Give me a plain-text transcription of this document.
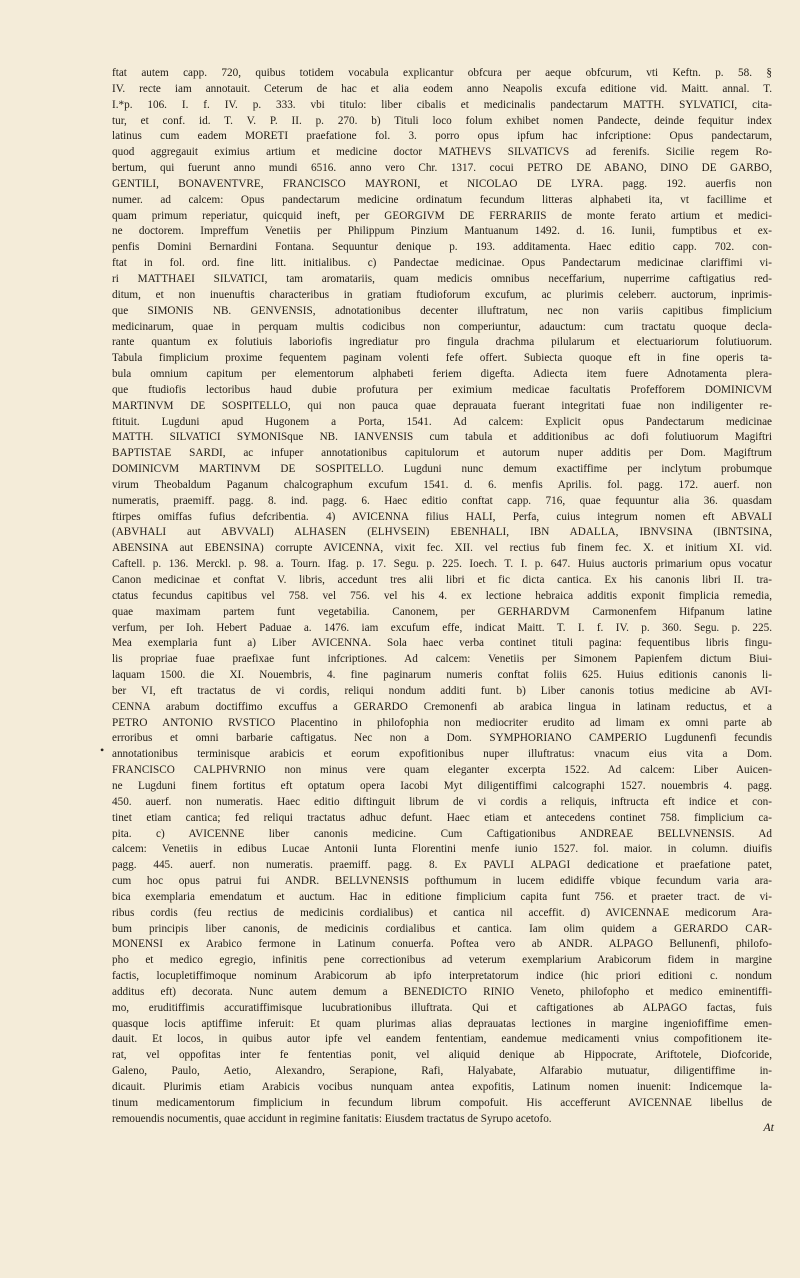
ftat autem capp. 720, quibus totidem vocabula explicantur obfcura per aeque obfcurum, vti Keftn. p. 58. §
IV. recte iam annotauit. Ceterum de hac et alia eodem anno Neapolis excufa editione vid. Maitt. annal. T.
I.*p. 106. I. f. IV. p. 333. vbi titulo: liber cibalis et medicinalis pandectarum MATTH. SYLVATICI, cita-
tur, et conf. id. T. V. P. II. p. 270. b) Tituli loco folum exhibet nomen Pandecte, deinde fequitur index
latinus cum eadem MORETI praefatione fol. 3. porro opus ipfum hac infcriptione: Opus pandectarum,
quod aggregauit eximius artium et medicine doctor MATHEVS SILVATICVS ad ferenifs. Sicilie regem Ro-
bertum, qui fuerunt anno mundi 6516. anno vero Chr. 1317. cocui PETRO DE ABANO, DINO DE GARBO,
GENTILI, BONAVENTVRE, FRANCISCO MAYRONI, et NICOLAO DE LYRA. pagg. 192. auerfis non
numer. ad calcem: Opus pandectarum medicine ordinatum fecundum litteras alphabeti ita, vt facillime et
quam primum reperiatur, quicquid ineft, per GEORGIVM DE FERRARIIS de monte ferato artium et medici-
ne doctorem. Impreffum Venetiis per Philippum Pinzium Mantuanum 1492. d. 16. Iunii, fumptibus et ex-
penfis Domini Bernardini Fontana. Sequuntur denique p. 193. additamenta. Haec editio capp. 702. con-
ftat in fol. ord. fine litt. initialibus. c) Pandectae medicinae. Opus Pandectarum medicinae clariffimi vi-
ri MATTHAEI SILVATICI, tam aromatariis, quam medicis omnibus neceffarium, nuperrime caftigatius red-
ditum, et non inuenuftis characteribus in gratiam ftudioforum excufum, ac plurimis celeberr. auctorum, inprimis-
que SIMONIS NB. GENVENSIS, adnotationibus decenter illuftratum, nec non variis capitibus fimplicium
medicinarum, quae in perquam multis codicibus non comperiuntur, adauctum: cum tractatu quoque decla-
rante quantum ex folutiuis laboriofis ingrediatur pro fingula drachma pilularum et electuariorum folutiuorum.
Tabula fimplicium proxime fequentem paginam volenti fefe offert. Subiecta quoque eft in fine operis ta-
bula omnium capitum per elementorum alphabeti feriem digefta. Adiecta item fuere Adnotamenta plera-
que ftudiofis lectoribus haud dubie profutura per eximium medicae facultatis Profefforem DOMINICVM
MARTINVM DE SOSPITELLO, qui non pauca quae deprauata fuerant integritati fuae non indiligenter re-
ftituit. Lugduni apud Hugonem a Porta, 1541. Ad calcem: Explicit opus Pandectarum medicinae
MATTH. SILVATICI SYMONISque NB. IANVENSIS cum tabula et additionibus ac dofi folutiuorum Magiftri
BAPTISTAE SARDI, ac infuper annotationibus capitulorum et autorum nuper additis per Dom. Magiftrum
DOMINICVM MARTINVM DE SOSPITELLO. Lugduni nunc demum exactiffime per inclytum probumque
virum Theobaldum Paganum chalcographum excufum 1541. d. 6. menfis Aprilis. fol. pagg. 172. auerf. non
numeratis, praemiff. pagg. 8. ind. pagg. 6. Haec editio conftat capp. 716, quae fequuntur alia 36. quasdam
ftirpes omiffas fufius defcribentia. 4) AVICENNA filius HALI, Perfa, cuius integrum nomen eft ABVALI
(ABVHALI aut ABVVALI) ALHASEN (ELHVSEIN) EBENHALI, IBN ADALLA, IBNVSINA (IBNTSINA,
ABENSINA aut EBENSINA) corrupte AVICENNA, vixit fec. XII. vel rectius fub finem fec. X. et initium XI. vid.
Caftell. p. 136. Merckl. p. 98. a. Tourn. Ifag. p. 17. Segu. p. 225. Ioech. T. I. p. 647. Huius auctoris primarium opus vocatur
Canon medicinae et conftat V. libris, accedunt tres alii libri et fic dicta cantica. Ex his canonis libri II. tra-
ctatus fecundus capitibus vel 758. vel 756. vel his 4. ex lectione hebraica additis exponit fimplicia remedia,
quae maximam partem funt vegetabilia. Canonem, per GERHARDVM Carmonenfem Hifpanum latine
verfum, per Ioh. Hebert Paduae a. 1476. iam excufum effe, indicat Maitt. T. I. f. IV. p. 360. Segu. p. 225.
Mea exemplaria funt a) Liber AVICENNA. Sola haec verba continet tituli pagina: fequentibus libris fingu-
lis propriae fuae praefixae funt infcriptiones. Ad calcem: Venetiis per Simonem Papienfem dictum Biui-
laquam 1500. die XI. Nouembris, 4. fine paginarum numeris conftat foliis 625. Huius editionis canonis li-
ber VI, eft tractatus de vi cordis, reliqui nondum additi funt. b) Liber canonis totius medicine ab AVI-
CENNA arabum doctiffimo excuffus a GERARDO Cremonenfi ab arabica lingua in latinam reductus, et a
PETRO ANTONIO RVSTICO Placentino in philofophia non mediocriter erudito ad limam ex omni parte ab
erroribus et omni barbarie caftigatus. Nec non a Dom. SYMPHORIANO CAMPERIO Lugdunenfi fecundis
annotationibus terminisque arabicis et eorum expofitionibus nuper illuftratus: vnacum eius vita a Dom.
FRANCISCO CALPHVRNIO non minus vere quam eleganter excerpta 1522. Ad calcem: Liber Auicen-
ne Lugduni finem fortitus eft optatum opera Iacobi Myt diligentiffimi calcographi 1527. nouembris 4. pagg.
450. auerf. non numeratis. Haec editio diftinguit librum de vi cordis a reliquis, inftructa eft indice et con-
tinet etiam cantica; fed reliqui tractatus adhuc defunt. Haec etiam et antecedens continet 758. fimplicium ca-
pita. c) AVICENNE liber canonis medicine. Cum Caftigationibus ANDREAE BELLVNENSIS. Ad
calcem: Venetiis in edibus Lucae Antonii Iunta Florentini menfe iunio 1527. fol. maior. in column. diuifis
pagg. 445. auerf. non numeratis. praemiff. pagg. 8. Ex PAVLI ALPAGI dedicatione et praefatione patet,
cum hoc opus patrui fui ANDR. BELLVNENSIS pofthumum in lucem edidiffe vbique fecundum varia ara-
bica exemplaria emendatum et auctum. Hac in editione fimplicium capita funt 756. et praeter tract. de vi-
ribus cordis (feu rectius de medicinis cordialibus) et cantica nil acceffit. d) AVICENNAE medicorum Ara-
bum principis liber canonis, de medicinis cordialibus et cantica. Iam olim quidem a GERARDO CAR-
MONENSI ex Arabico fermone in Latinum conuerfa. Poftea vero ab ANDR. ALPAGO Bellunenfi, philofo-
pho et medico egregio, infinitis pene correctionibus ad veterum exemplarium Arabicorum fidem in margine
factis, locupletiffimoque nominum Arabicorum ab ipfo interpretatorum indice (hic priori editioni c. nondum
additus eft) decorata. Nunc autem demum a BENEDICTO RINIO Veneto, philofopho et medico eminentiffi-
mo, eruditiffimis accuratiffimisque lucubrationibus illuftrata. Qui et caftigationes ab ALPAGO factas, fuis
quasque locis aptiffime inferuit: Et quam plurimas alias deprauatas lectiones in margine ingeniofiffime emen-
dauit. Et locos, in quibus autor ipfe vel eandem fententiam, eandemue medicamenti vnius compofitionem ite-
rat, vel oppofitas inter fe fententias ponit, vel aliquid denique ab Hippocrate, Ariftotele, Diofcoride,
Galeno, Paulo, Aetio, Alexandro, Serapione, Rafi, Halyabate, Alfarabio mutuatur, diligentiffime in-
dicauit. Plurimis etiam Arabicis vocibus nunquam antea expofitis, Latinum nomen inuenit: Indicemque la-
tinum medicamentorum fimplicium in fecundum librum compofuit. His accefferunt AVICENNAE libellus de
remouendis nocumentis, quae accidunt in regimine fanitatis: Eiusdem tractatus de Syrupo acetofo.
•
At
